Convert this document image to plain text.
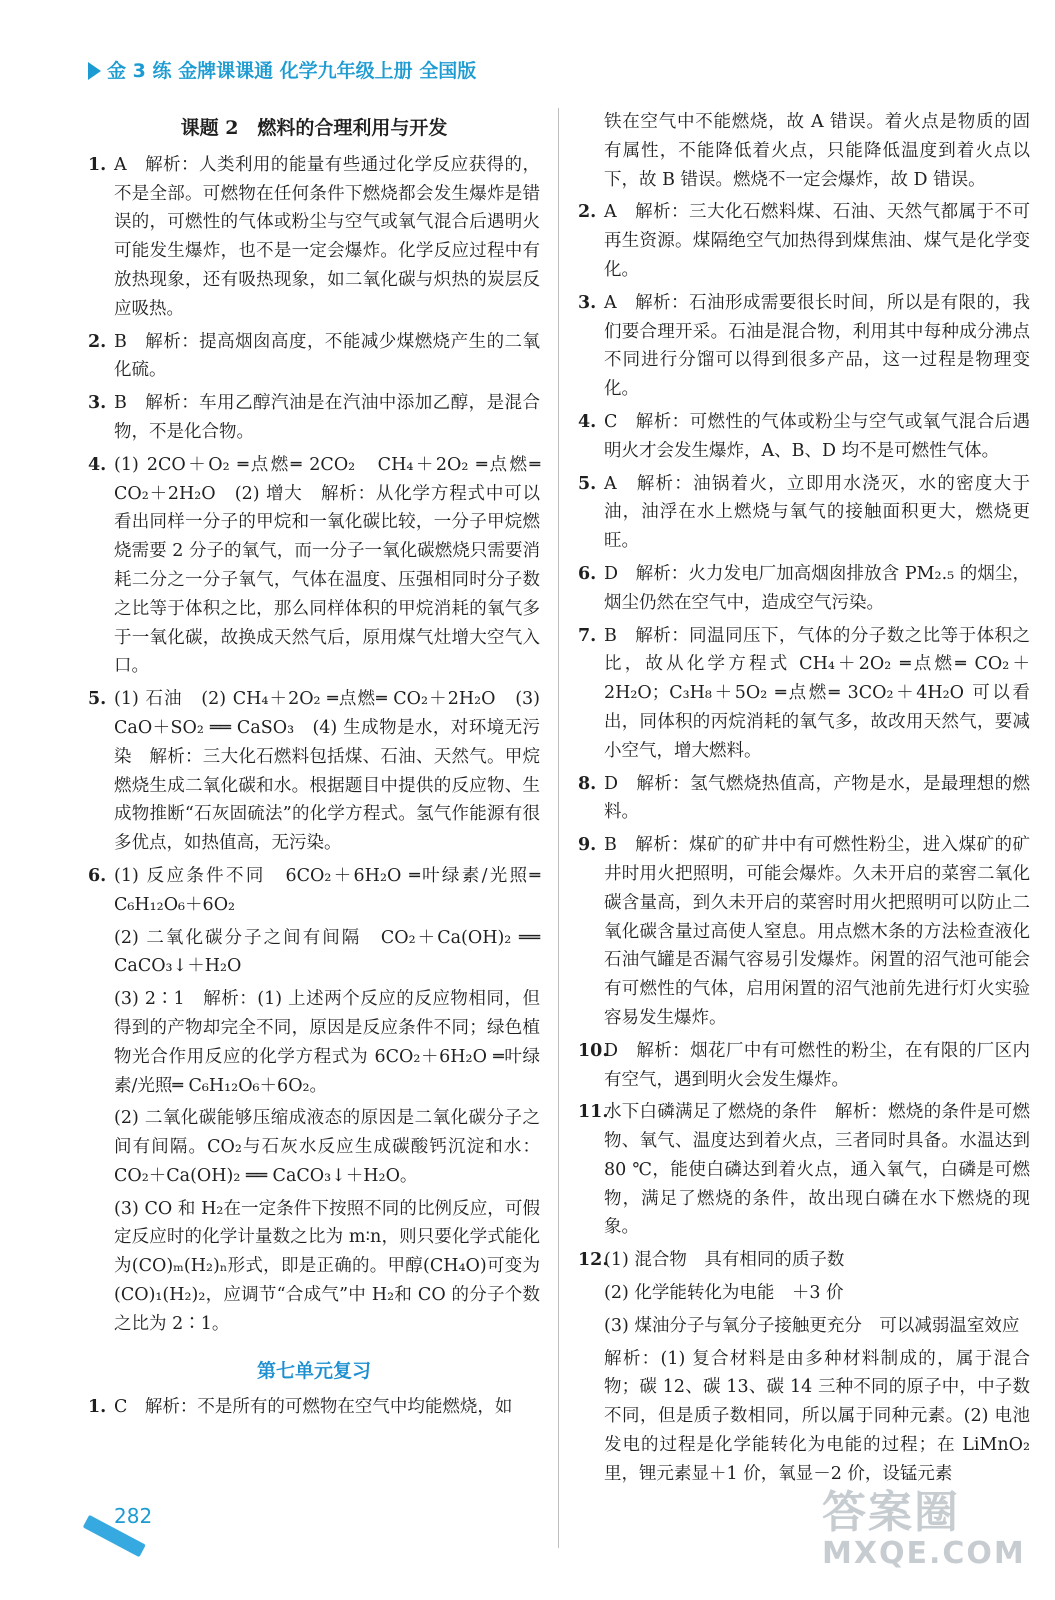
金 3 练 金牌课课通 化学九年级上册 全国版
课题 2　燃料的合理利用与开发
1. A　解析：人类利用的能量有些通过化学反应获得的，不是全部。可燃物在任何条件下燃烧都会发生爆炸是错误的，可燃性的气体或粉尘与空气或氧气混合后遇明火可能发生爆炸，也不是一定会爆炸。化学反应过程中有放热现象，还有吸热现象，如二氧化碳与炽热的炭层反应吸热。
2. B　解析：提高烟囱高度，不能减少煤燃烧产生的二氧化硫。
3. B　解析：车用乙醇汽油是在汽油中添加乙醇，是混合物，不是化合物。
4. (1) 2CO＋O₂ ═点燃═ 2CO₂　CH₄＋2O₂ ═点燃═ CO₂＋2H₂O　(2) 增大　解析：从化学方程式中可以看出同样一分子的甲烷和一氧化碳比较，一分子甲烷燃烧需要 2 分子的氧气，而一分子一氧化碳燃烧只需要消耗二分之一分子氧气，气体在温度、压强相同时分子数之比等于体积之比，那么同样体积的甲烷消耗的氧气多于一氧化碳，故换成天然气后，原用煤气灶增大空气入口。
5. (1) 石油　(2) CH₄＋2O₂ ═点燃═ CO₂＋2H₂O　(3) CaO＋SO₂ ══ CaSO₃　(4) 生成物是水，对环境无污染　解析：三大化石燃料包括煤、石油、天然气。甲烷燃烧生成二氧化碳和水。根据题目中提供的反应物、生成物推断“石灰固硫法”的化学方程式。氢气作能源有很多优点，如热值高，无污染。
6. (1) 反应条件不同　6CO₂＋6H₂O ═叶绿素/光照═ C₆H₁₂O₆＋6O₂
(2) 二氧化碳分子之间有间隔　CO₂＋Ca(OH)₂ ══ CaCO₃↓＋H₂O
(3) 2∶1　解析：(1) 上述两个反应的反应物相同，但得到的产物却完全不同，原因是反应条件不同；绿色植物光合作用反应的化学方程式为 6CO₂＋6H₂O ═叶绿素/光照═ C₆H₁₂O₆＋6O₂。
(2) 二氧化碳能够压缩成液态的原因是二氧化碳分子之间有间隔。CO₂与石灰水反应生成碳酸钙沉淀和水：CO₂＋Ca(OH)₂ ══ CaCO₃↓＋H₂O。
(3) CO 和 H₂在一定条件下按照不同的比例反应，可假定反应时的化学计量数之比为 m∶n，则只要化学式能化为(CO)ₘ(H₂)ₙ形式，即是正确的。甲醇(CH₄O)可变为(CO)₁(H₂)₂，应调节“合成气”中 H₂和 CO 的分子个数之比为 2∶1。
第七单元复习
1. C　解析：不是所有的可燃物在空气中均能燃烧，如
铁在空气中不能燃烧，故 A 错误。着火点是物质的固有属性，不能降低着火点，只能降低温度到着火点以下，故 B 错误。燃烧不一定会爆炸，故 D 错误。
2. A　解析：三大化石燃料煤、石油、天然气都属于不可再生资源。煤隔绝空气加热得到煤焦油、煤气是化学变化。
3. A　解析：石油形成需要很长时间，所以是有限的，我们要合理开采。石油是混合物，利用其中每种成分沸点不同进行分馏可以得到很多产品，这一过程是物理变化。
4. C　解析：可燃性的气体或粉尘与空气或氧气混合后遇明火才会发生爆炸，A、B、D 均不是可燃性气体。
5. A　解析：油锅着火，立即用水浇灭，水的密度大于油，油浮在水上燃烧与氧气的接触面积更大，燃烧更旺。
6. D　解析：火力发电厂加高烟囱排放含 PM₂.₅ 的烟尘，烟尘仍然在空气中，造成空气污染。
7. B　解析：同温同压下，气体的分子数之比等于体积之比，故从化学方程式 CH₄＋2O₂ ═点燃═ CO₂＋2H₂O；C₃H₈＋5O₂ ═点燃═ 3CO₂＋4H₂O 可以看出，同体积的丙烷消耗的氧气多，故改用天然气，要减小空气，增大燃料。
8. D　解析：氢气燃烧热值高，产物是水，是最理想的燃料。
9. B　解析：煤矿的矿井中有可燃性粉尘，进入煤矿的矿井时用火把照明，可能会爆炸。久未开启的菜窖二氧化碳含量高，到久未开启的菜窖时用火把照明可以防止二氧化碳含量过高使人窒息。用点燃木条的方法检查液化石油气罐是否漏气容易引发爆炸。闲置的沼气池可能会有可燃性的气体，启用闲置的沼气池前先进行灯火实验容易发生爆炸。
10.
D　解析：烟花厂中有可燃性的粉尘，在有限的厂区内有空气，遇到明火会发生爆炸。
11.
水下白磷满足了燃烧的条件　解析：燃烧的条件是可燃物、氧气、温度达到着火点，三者同时具备。水温达到 80 ℃，能使白磷达到着火点，通入氧气，白磷是可燃物，满足了燃烧的条件，故出现白磷在水下燃烧的现象。
12.
(1) 混合物　具有相同的质子数
(2) 化学能转化为电能　＋3 价
(3) 煤油分子与氧分子接触更充分　可以减弱温室效应
解析：(1) 复合材料是由多种材料制成的，属于混合物；碳 12、碳 13、碳 14 三种不同的原子中，中子数不同，但是质子数相同，所以属于同种元素。(2) 电池发电的过程是化学能转化为电能的过程；在 LiMnO₂里，锂元素显＋1 价，氧显－2 价，设锰元素
282	答案圈
MXQE.COM
